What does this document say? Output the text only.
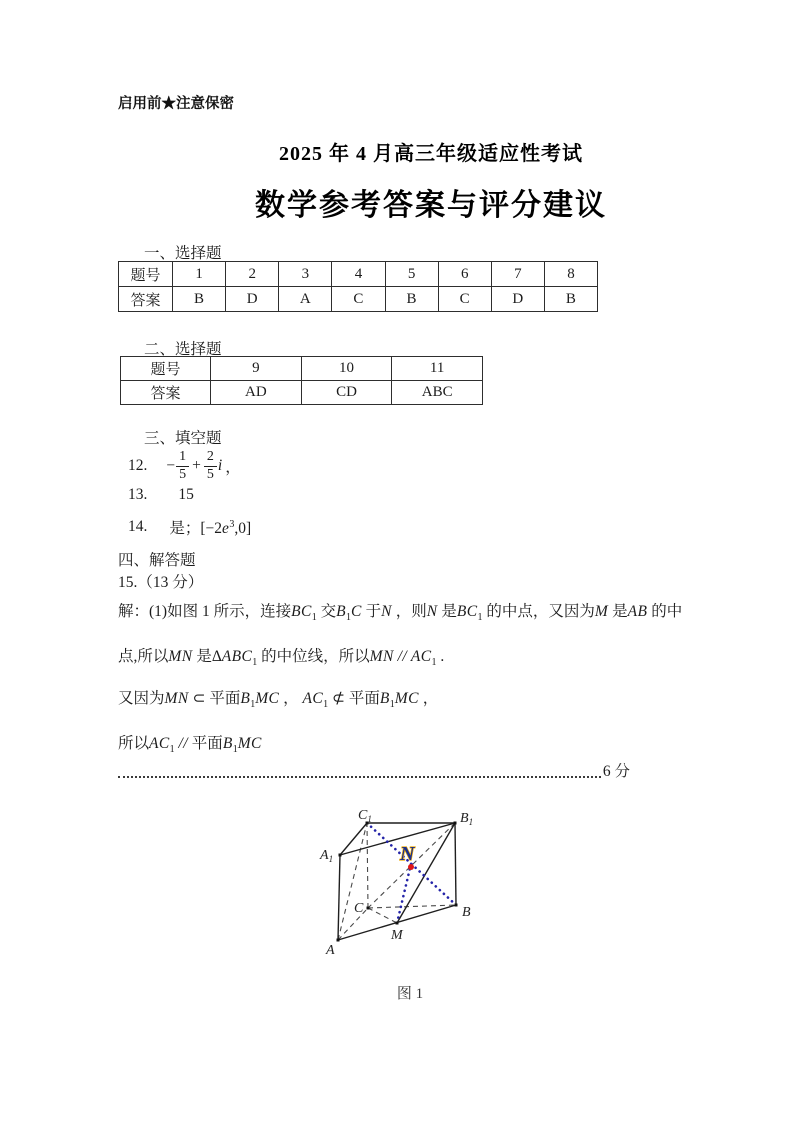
启用前★注意保密
2025 年 4 月高三年级适应性考试
数学参考答案与评分建议
一、选择题
题号	1	2	3	4	5	6	7	8
答案	B	D	A	C	B	C	D	B
二、选择题
题号	9	10	11
答案	AD	CD	ABC
三、填空题
12. − $\frac{1}{5} + \frac{2}{5}$ i ，
13. 15
14. 是；$[-2e^3,0]$
四、解答题
15.（13 分）
解：(1)如图 1 所示，连接$BC_1$ 交$B_1C$ 于N ，则N 是$BC_1$ 的中点，又因为M 是AB 的中
点,所以MN 是$\Delta ABC_1$ 的中位线，所以MN // $AC_1$ .
又因为MN ⊂ 平面$B_1MC$ ， $AC_1$ ⊄ 平面$B_1MC$ ，
所以$AC_1$ // 平面$B_1MC$
6 分
$C_1$	$B_1$
$A_1$
C	B
A
M
N
图 1
